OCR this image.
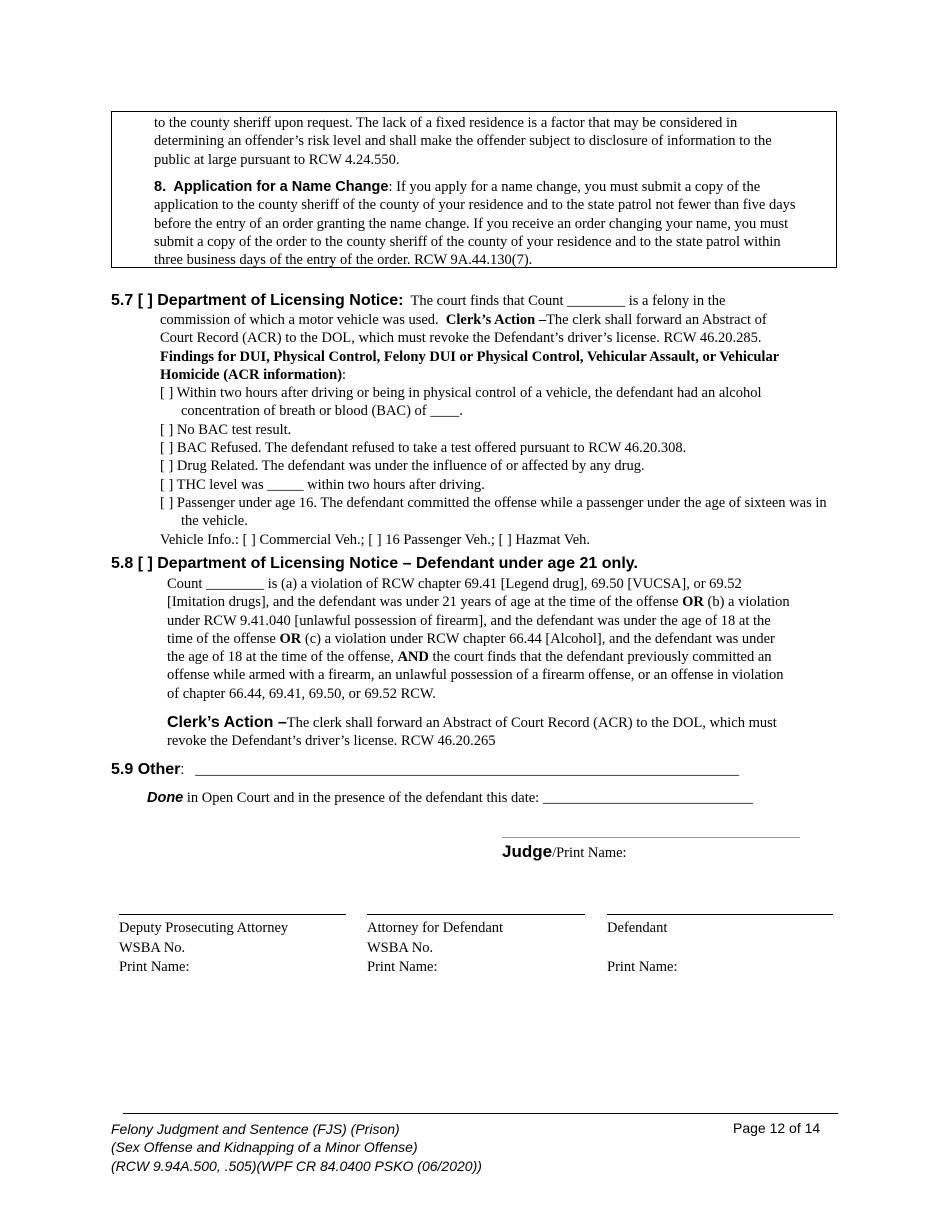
to the county sheriff upon request. The lack of a fixed residence is a factor that may be considered in
determining an offender’s risk level and shall make the offender subject to disclosure of information to the
public at large pursuant to RCW 4.24.550.
8. Application for a Name Change: If you apply for a name change, you must submit a copy of the
application to the county sheriff of the county of your residence and to the state patrol not fewer than five days
before the entry of an order granting the name change. If you receive an order changing your name, you must
submit a copy of the order to the county sheriff of the county of your residence and to the state patrol within
three business days of the entry of the order. RCW 9A.44.130(7).
5.7 [ ] Department of Licensing Notice: The court finds that Count ________ is a felony in the
commission of which a motor vehicle was used. Clerk’s Action –The clerk shall forward an Abstract of
Court Record (ACR) to the DOL, which must revoke the Defendant’s driver’s license. RCW 46.20.285.
Findings for DUI, Physical Control, Felony DUI or Physical Control, Vehicular Assault, or Vehicular
Homicide (ACR information):
[ ] Within two hours after driving or being in physical control of a vehicle, the defendant had an alcohol concentration of breath or blood (BAC) of ____.
[ ] No BAC test result.
[ ] BAC Refused. The defendant refused to take a test offered pursuant to RCW 46.20.308.
[ ] Drug Related. The defendant was under the influence of or affected by any drug.
[ ] THC level was _____ within two hours after driving.
[ ] Passenger under age 16. The defendant committed the offense while a passenger under the age of sixteen was in the vehicle.
Vehicle Info.: [ ] Commercial Veh.; [ ] 16 Passenger Veh.; [ ] Hazmat Veh.
5.8 [ ] Department of Licensing Notice – Defendant under age 21 only.
Count ________ is (a) a violation of RCW chapter 69.41 [Legend drug], 69.50 [VUCSA], or 69.52
[Imitation drugs], and the defendant was under 21 years of age at the time of the offense OR (b) a violation
under RCW 9.41.040 [unlawful possession of firearm], and the defendant was under the age of 18 at the
time of the offense OR (c) a violation under RCW chapter 66.44 [Alcohol], and the defendant was under
the age of 18 at the time of the offense, AND the court finds that the defendant previously committed an
offense while armed with a firearm, an unlawful possession of a firearm offense, or an offense in violation
of chapter 66.44, 69.41, 69.50, or 69.52 RCW.
Clerk’s Action –The clerk shall forward an Abstract of Court Record (ACR) to the DOL, which must
revoke the Defendant’s driver’s license. RCW 46.20.265
5.9 Other: ___________________________________________________________________________
Done in Open Court and in the presence of the defendant this date: _____________________________
Judge/Print Name:
Deputy Prosecuting Attorney
WSBA No.
Print Name:
Attorney for Defendant
WSBA No.
Print Name:
Defendant
Print Name:
Felony Judgment and Sentence (FJS) (Prison)
(Sex Offense and Kidnapping of a Minor Offense)
(RCW 9.94A.500, .505)(WPF CR 84.0400 PSKO (06/2020))
Page 12 of 14
